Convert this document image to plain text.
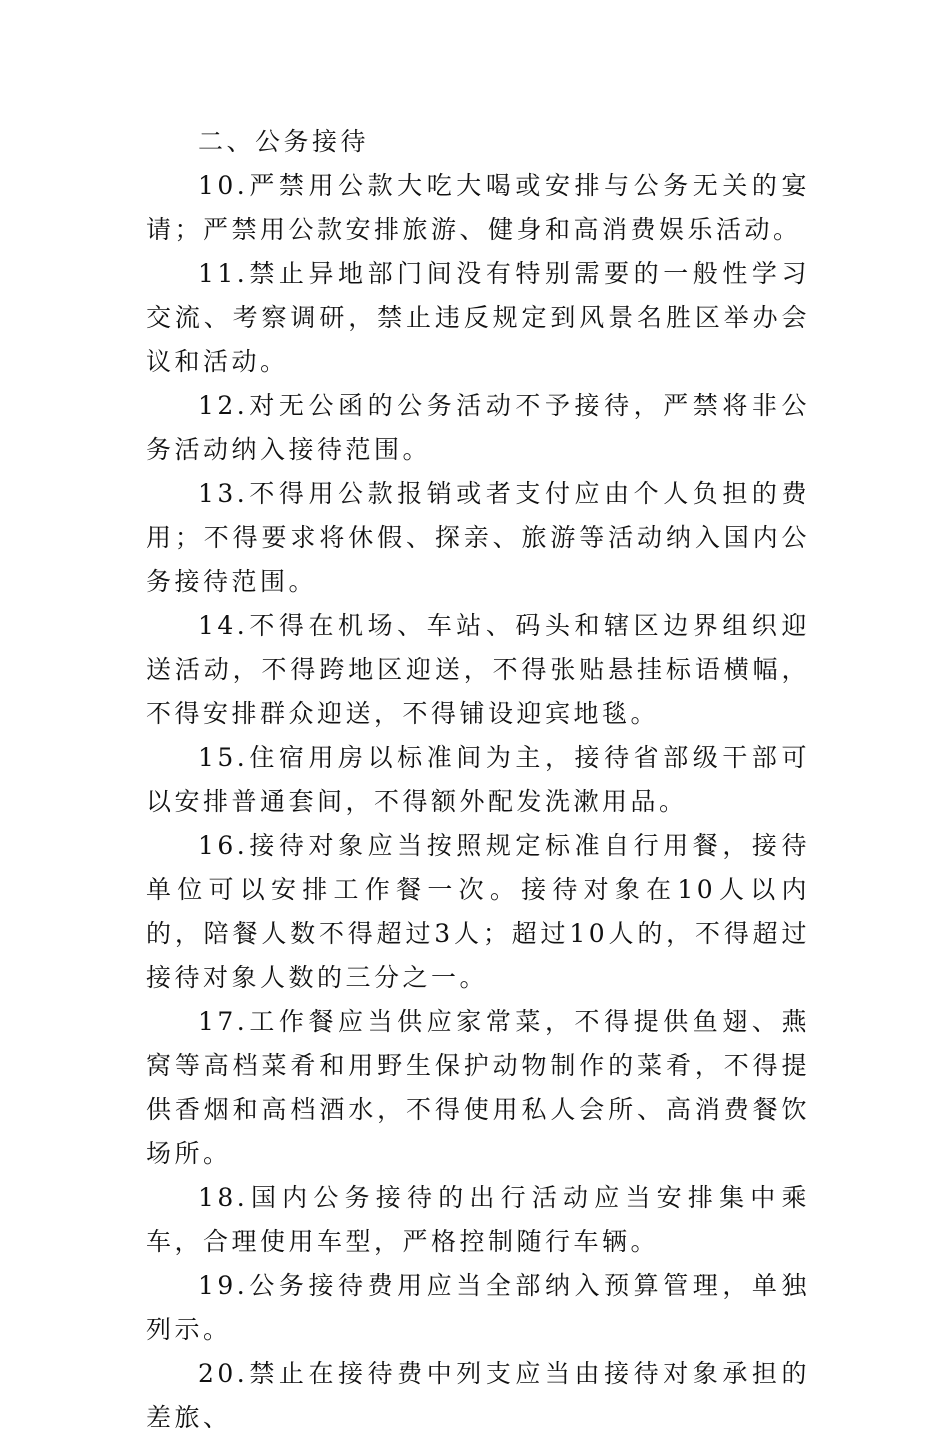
二、公务接待

10.严禁用公款大吃大喝或安排与公务无关的宴请；严禁用公款安排旅游、健身和高消费娱乐活动。

11.禁止异地部门间没有特别需要的一般性学习交流、考察调研，禁止违反规定到风景名胜区举办会议和活动。

12.对无公函的公务活动不予接待，严禁将非公务活动纳入接待范围。

13.不得用公款报销或者支付应由个人负担的费用；不得要求将休假、探亲、旅游等活动纳入国内公务接待范围。

14.不得在机场、车站、码头和辖区边界组织迎送活动，不得跨地区迎送，不得张贴悬挂标语横幅，不得安排群众迎送，不得铺设迎宾地毯。

15.住宿用房以标准间为主，接待省部级干部可以安排普通套间，不得额外配发洗漱用品。

16.接待对象应当按照规定标准自行用餐，接待单位可以安排工作餐一次。接待对象在10人以内的，陪餐人数不得超过3人；超过10人的，不得超过接待对象人数的三分之一。

17.工作餐应当供应家常菜，不得提供鱼翅、燕窝等高档菜肴和用野生保护动物制作的菜肴，不得提供香烟和高档酒水，不得使用私人会所、高消费餐饮场所。

18.国内公务接待的出行活动应当安排集中乘车，合理使用车型，严格控制随行车辆。

19.公务接待费用应当全部纳入预算管理，单独列示。

20.禁止在接待费中列支应当由接待对象承担的差旅、
